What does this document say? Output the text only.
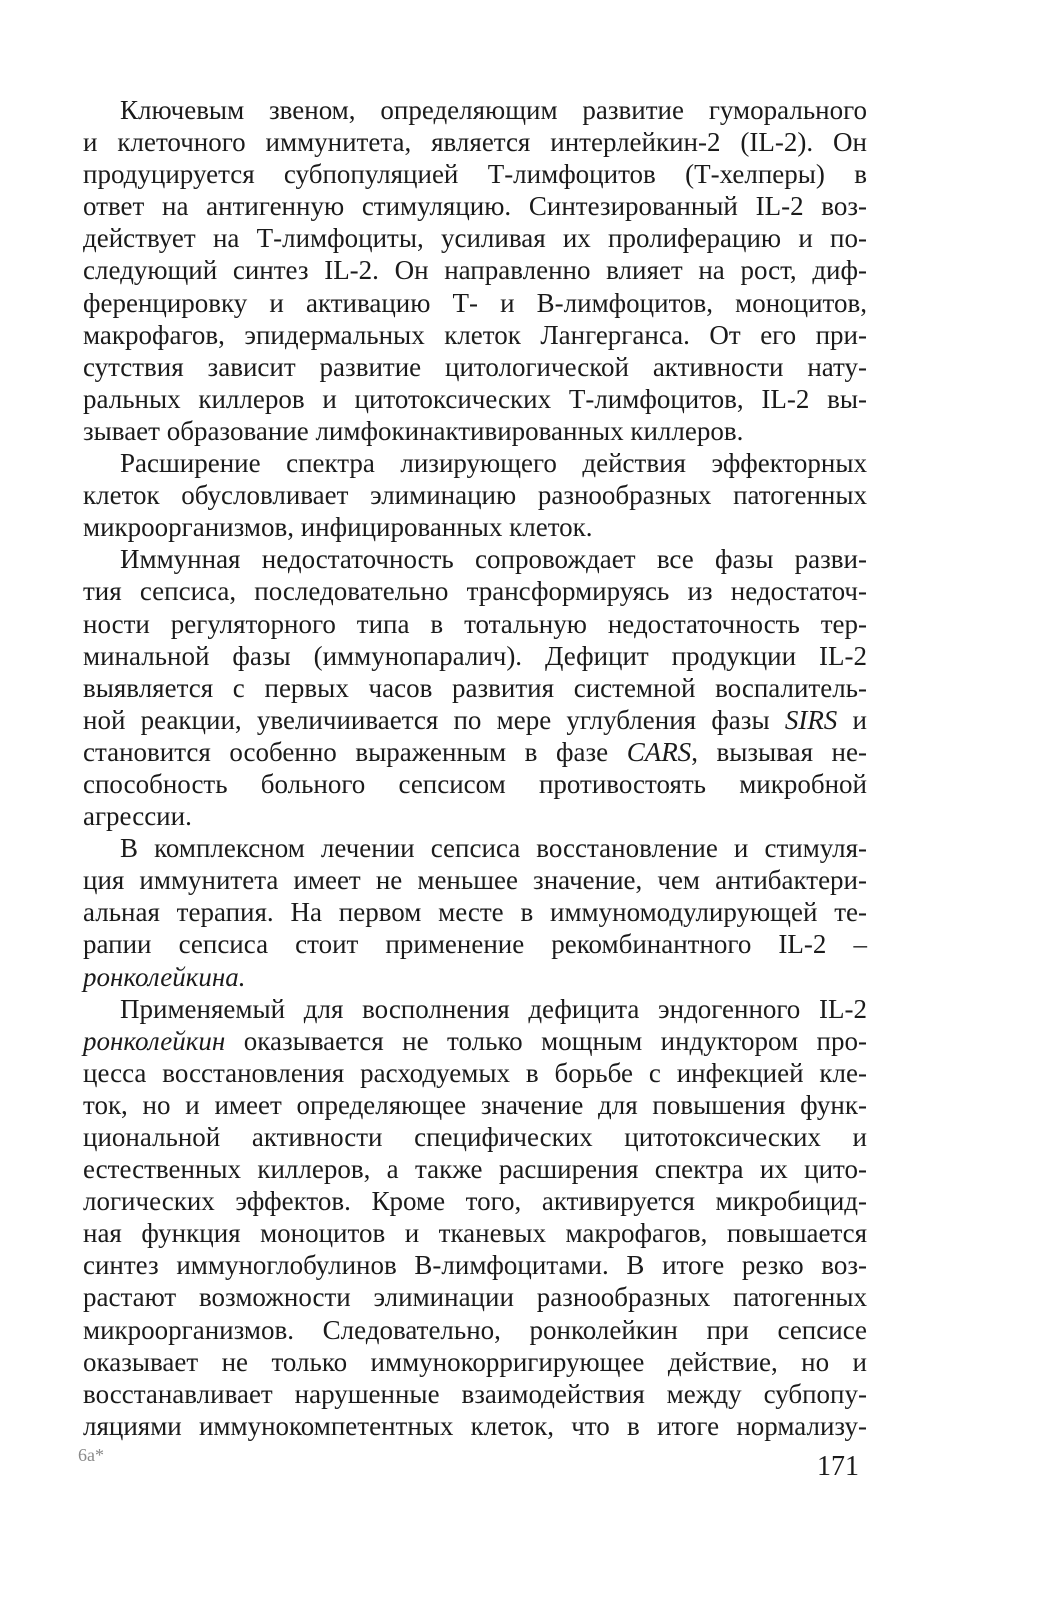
Ключевым звеном, определяющим развитие гуморального
и клеточного иммунитета, является интерлейкин-2 (IL-2). Он
продуцируется субпопуляцией Т-лимфоцитов (Т-хелперы) в
ответ на антигенную стимуляцию. Синтезированный IL-2 воз-
действует на Т-лимфоциты, усиливая их пролиферацию и по-
следующий синтез IL-2. Он направленно влияет на рост, диф-
ференцировку и активацию Т- и В-лимфоцитов, моноцитов,
макрофагов, эпидермальных клеток Лангерганса. От его при-
сутствия зависит развитие цитологической активности нату-
ральных киллеров и цитотоксических Т-лимфоцитов, IL-2 вы-
зывает образование лимфокинактивированных киллеров.
Расширение спектра лизирующего действия эффекторных
клеток обусловливает элиминацию разнообразных патогенных
микроорганизмов, инфицированных клеток.
Иммунная недостаточность сопровождает все фазы разви-
тия сепсиса, последовательно трансформируясь из недостаточ-
ности регуляторного типа в тотальную недостаточность тер-
минальной фазы (иммунопаралич). Дефицит продукции IL-2
выявляется с первых часов развития системной воспалитель-
ной реакции, увеличиивается по мере углубления фазы SIRS и
становится особенно выраженным в фазе CARS, вызывая не-
способность больного сепсисом противостоять микробной
агрессии.
В комплексном лечении сепсиса восстановление и стимуля-
ция иммунитета имеет не меньшее значение, чем антибактери-
альная терапия. На первом месте в иммуномодулирующей те-
рапии сепсиса стоит применение рекомбинантного IL-2 –
ронколейкина.
Применяемый для восполнения дефицита эндогенного IL-2
ронколейкин оказывается не только мощным индуктором про-
цесса восстановления расходуемых в борьбе с инфекцией кле-
ток, но и имеет определяющее значение для повышения функ-
циональной активности специфических цитотоксических и
естественных киллеров, а также расширения спектра их цито-
логических эффектов. Кроме того, активируется микробицид-
ная функция моноцитов и тканевых макрофагов, повышается
синтез иммуноглобулинов В-лимфоцитами. В итоге резко воз-
растают возможности элиминации разнообразных патогенных
микроорганизмов. Следовательно, ронколейкин при сепсисе
оказывает не только иммунокорригирующее действие, но и
восстанавливает нарушенные взаимодействия между субпопу-
ляциями иммунокомпетентных клеток, что в итоге нормализу-
6а*	171
